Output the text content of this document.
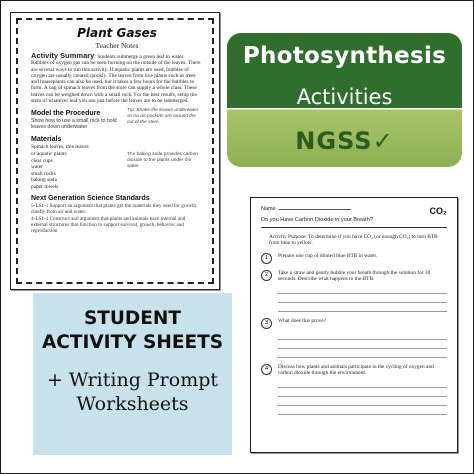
Plant Gases

Teacher Notes

Activity Summary: Students submerge a green leaf in water. Bubbles of oxygen gas can be seen forming on the outside of the leaves. There are several ways to run this activity. If aquatic plants are used, bubbles of oxygen are usually created quickly. The leaves from live plants such as trees and houseplants can also be used, but it takes a few hours for the bubbles to form. A bag of spinach leaves from the store can supply a whole class. These leaves can be weighed down with a small rock. For the best results, setup the stem of whatever leaf you use just before the leaves are to be submerged.

Model the Procedure
Show how to use a small rock to hold leaves down underwater
Tip: Shake the leaves underwater so no air-pockets are around the cut of the stem.
Materials
Spinach leaves, tree leaves
or aquatic plants
clear cups
water
small rocks
baking soda
paper towels
The baking soda provides carbon dioxide to the plants under the water.
Next Generation Science Standards
5-LS1-1 Support an argument that plants get the materials they need for growth chiefly from air and water.
4-LS1-1 Construct and argument that plants and animals have internal and external structures that function to support survival, growth, behavior and reproduction
Photosynthesis
Activities
NGSS✓
Name	CO₂
Do you Have Carbon Dioxide in your Breath?
Activity Purpose: To determine if you have CO₂ (or enough CO₂) to turn BTB from blue to yellow.
1	Prepare one cup of diluted blue BTB in water.
2	Take a straw and gently bubble your breath through the solution for 30 seconds. Describe what happens to the BTB.
3	What does this prove?
4	Discuss how plants and animals participate in the cycling of oxygen and carbon dioxide through the environment.
STUDENT
ACTIVITY SHEETS
+ Writing Prompt
Worksheets
